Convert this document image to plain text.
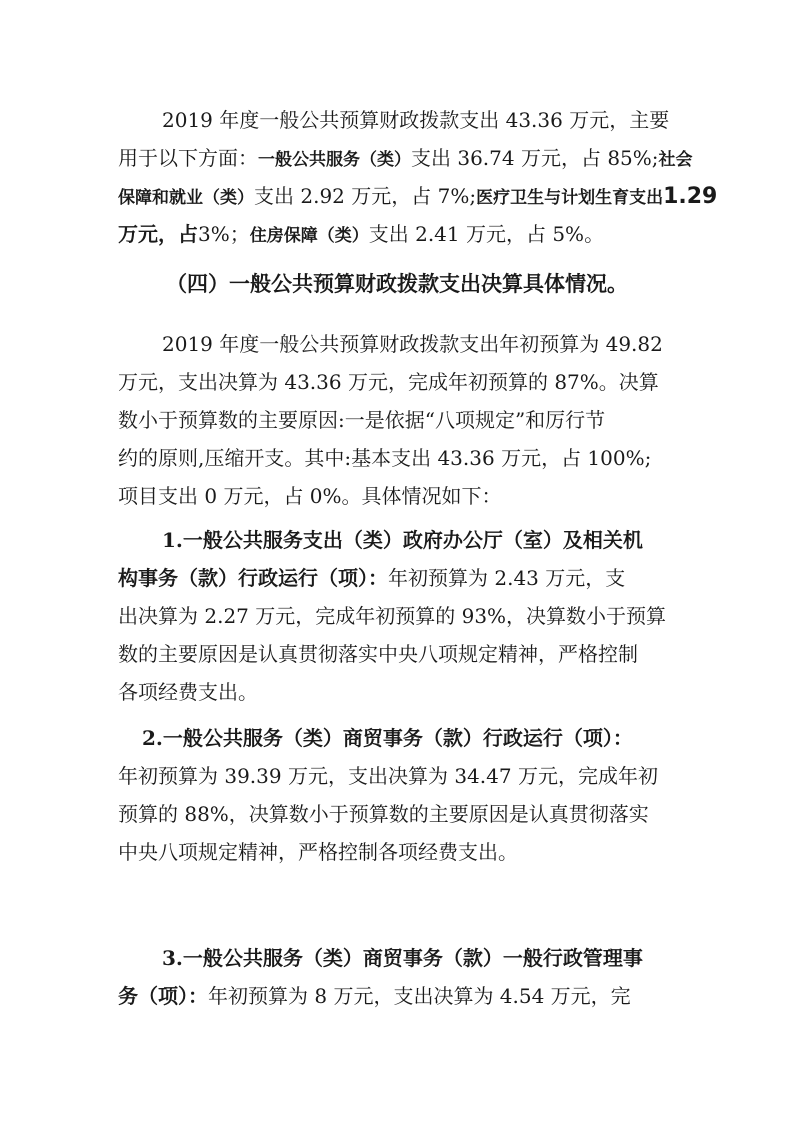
2019 年度一般公共预算财政拨款支出 43.36 万元，主要
用于以下方面：一般公共服务（类）支出 36.74 万元，占 85%;社会
保障和就业（类）支出 2.92 万元，占 7%;医疗卫生与计划生育支出1.29
万元，占3%；住房保障（类）支出 2.41 万元，占 5%。
（四）一般公共预算财政拨款支出决算具体情况。
2019 年度一般公共预算财政拨款支出年初预算为 49.82
万元，支出决算为 43.36 万元，完成年初预算的 87%。决算
数小于预算数的主要原因:一是依据“八项规定”和厉行节
约的原则,压缩开支。其中:基本支出 43.36 万元，占 100%;
项目支出 0 万元，占 0%。具体情况如下：
1.一般公共服务支出（类）政府办公厅（室）及相关机
构事务（款）行政运行（项）：年初预算为 2.43 万元，支
出决算为 2.27 万元，完成年初预算的 93%，决算数小于预算
数的主要原因是认真贯彻落实中央八项规定精神，严格控制
各项经费支出。
2.一般公共服务（类）商贸事务（款）行政运行（项）：
年初预算为 39.39 万元，支出决算为 34.47 万元，完成年初
预算的 88%，决算数小于预算数的主要原因是认真贯彻落实
中央八项规定精神，严格控制各项经费支出。
3.一般公共服务（类）商贸事务（款）一般行政管理事
务（项）：年初预算为 8 万元，支出决算为 4.54 万元，完
